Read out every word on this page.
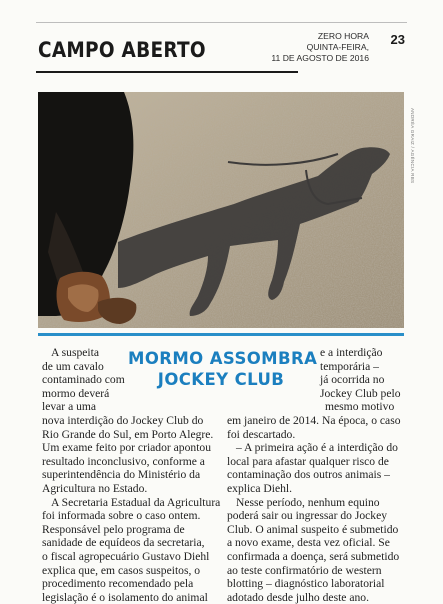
CAMPO ABERTO
ZERO HORA
QUINTA-FEIRA,
11 DE AGOSTO DE 2016
23
ANDRÉA GRAIZ / AGÊNCIA RBS
MORMO ASSOMBRA
JOCKEY CLUB
A suspeita
de um cavalo
contaminado com
mormo deverá
levar a uma
nova interdição do Jockey Club do
Rio Grande do Sul, em Porto Alegre.
Um exame feito por criador apontou
resultado inconclusivo, conforme a
superintendência do Ministério da
Agricultura no Estado.
A Secretaria Estadual da Agricultura
foi informada sobre o caso ontem.
Responsável pelo programa de
sanidade de equídeos da secretaria,
o fiscal agropecuário Gustavo Diehl
explica que, em casos suspeitos, o
procedimento recomendado pela
legislação é o isolamento do animal
e a interdição
temporária –
já ocorrida no
Jockey Club pelo
mesmo motivo
em janeiro de 2014. Na época, o caso
foi descartado.
– A primeira ação é a interdição do
local para afastar qualquer risco de
contaminação dos outros animais –
explica Diehl.
Nesse período, nenhum equino
poderá sair ou ingressar do Jockey
Club. O animal suspeito é submetido
a novo exame, desta vez oficial. Se
confirmada a doença, será submetido
ao teste confirmatório de western
blotting – diagnóstico laboratorial
adotado desde julho deste ano.
